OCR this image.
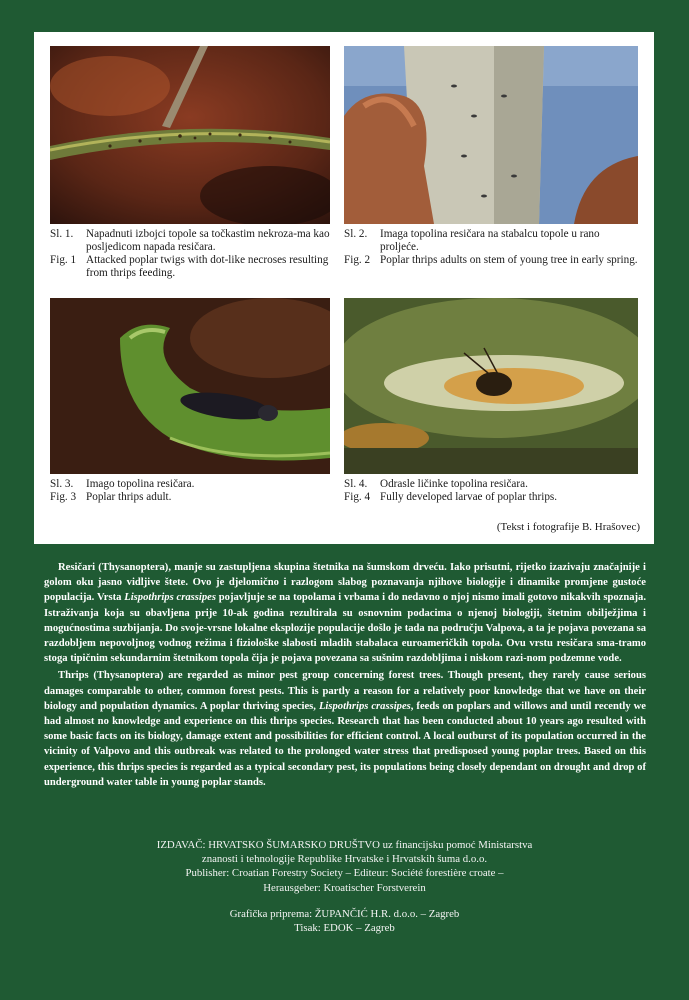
Sl. 1.	Napadnuti izbojci topole sa točkastim nekroza-ma kao posljedicom napada resičara.
Fig. 1 Attacked poplar twigs with dot-like necroses resulting from thrips feeding.
Sl. 2.	Imaga topolina resičara na stabalcu topole u rano proljeće.
Fig. 2 Poplar thrips adults on stem of young tree in early spring.
Sl. 3.	Imago topolina resičara.
Fig. 3 Poplar thrips adult.
Sl. 4.	Odrasle ličinke topolina resičara.
Fig. 4 Fully developed larvae of poplar thrips.
(Tekst i fotografije B. Hrašovec)

Resičari (Thysanoptera), manje su zastupljena skupina štetnika na šumskom drveću. Iako prisutni, rijetko izazivaju značajnije i golom oku jasno vidljive štete. Ovo je djelomično i razlogom slabog poznavanja njihove biologije i dinamike promjene gustoće populacija. Vrsta Lispothrips crassipes pojavljuje se na topolama i vrbama i do nedavno o njoj nismo imali gotovo nikakvih spoznaja. Istraživanja koja su obavljena prije 10-ak godina rezultirala su osnovnim podacima o njenoj biologiji, štetnim obilježjima i mogućnostima suzbijanja. Do svoje-vrsne lokalne eksplozije populacije došlo je tada na području Valpova, a ta je pojava povezana sa razdobljem nepovoljnog vodnog režima i fiziološke slabosti mladih stabalaca euroameričkih topola. Ovu vrstu resičara sma-tramo stoga tipičnim sekundarnim štetnikom topola čija je pojava povezana sa sušnim razdobljima i niskom razi-nom podzemne vode.

Thrips (Thysanoptera) are regarded as minor pest group concerning forest trees. Though present, they rarely cause serious damages comparable to other, common forest pests. This is partly a reason for a relatively poor knowledge that we have on their biology and population dynamics. A poplar thriving species, Lispothrips crassipes, feeds on poplars and willows and until recently we had almost no knowledge and experience on this thrips species. Research that has been conducted about 10 years ago resulted with some basic facts on its biology, damage extent and possibilities for efficient control. A local outburst of its population occurred in the vicinity of Valpovo and this outbreak was related to the prolonged water stress that predisposed young poplar trees. Based on this experience, this thrips species is regarded as a typical secondary pest, its populations being closely dependant on drought and drop of underground water table in young poplar stands.

IZDAVAČ: HRVATSKO ŠUMARSKO DRUŠTVO uz financijsku pomoć Ministarstva
znanosti i tehnologije Republike Hrvatske i Hrvatskih šuma d.o.o.
Publisher: Croatian Forestry Society – Editeur: Société forestière croate –
Herausgeber: Kroatischer Forstverein
Grafička priprema: ŽUPANČIĆ H.R. d.o.o. – Zagreb
Tisak: EDOK – Zagreb
